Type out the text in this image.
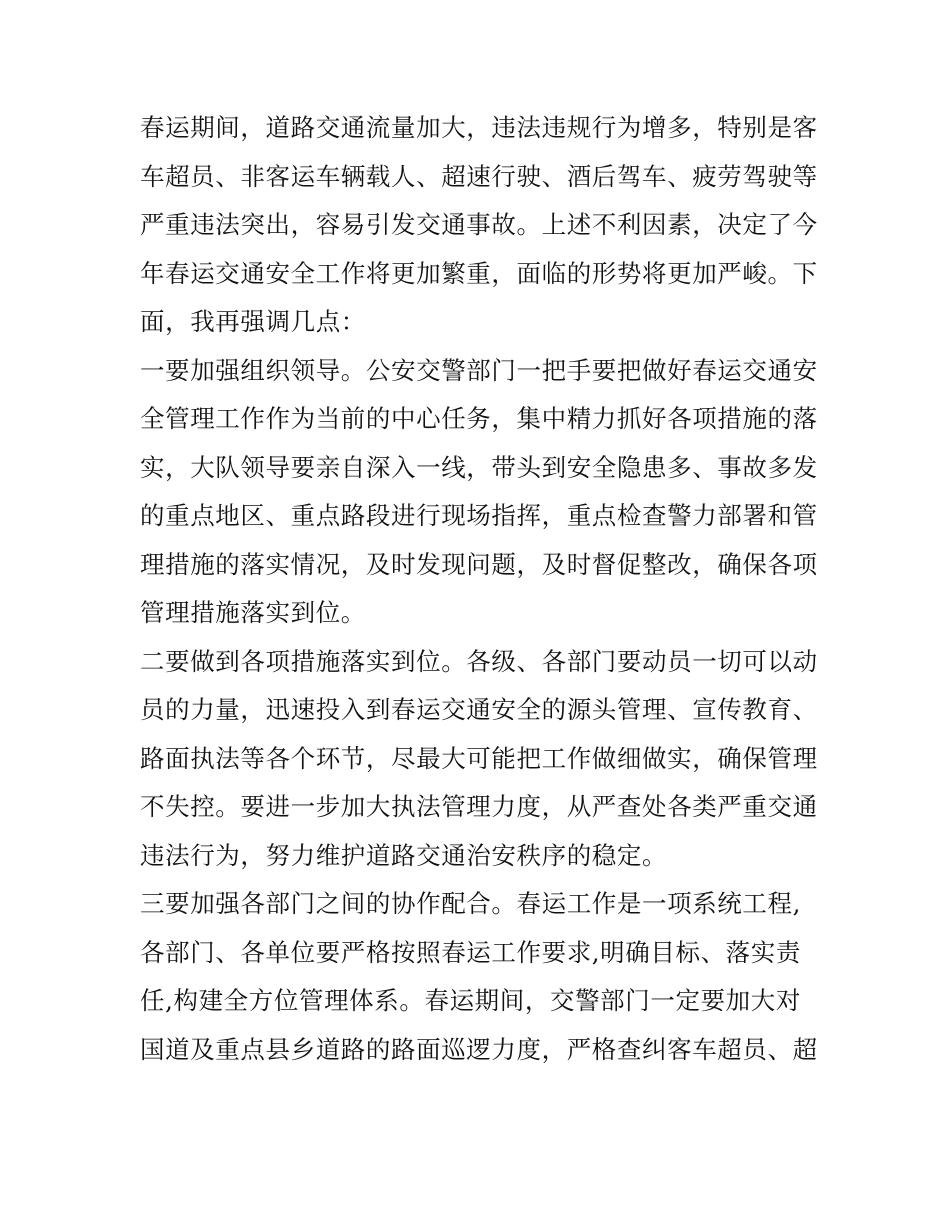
春运期间，道路交通流量加大，违法违规行为增多，特别是客
车超员、非客运车辆载人、超速行驶、酒后驾车、疲劳驾驶等
严重违法突出，容易引发交通事故。上述不利因素，决定了今
年春运交通安全工作将更加繁重，面临的形势将更加严峻。下
面，我再强调几点：
一要加强组织领导。公安交警部门一把手要把做好春运交通安
全管理工作作为当前的中心任务，集中精力抓好各项措施的落
实，大队领导要亲自深入一线，带头到安全隐患多、事故多发
的重点地区、重点路段进行现场指挥，重点检查警力部署和管
理措施的落实情况，及时发现问题，及时督促整改，确保各项
管理措施落实到位。
二要做到各项措施落实到位。各级、各部门要动员一切可以动
员的力量，迅速投入到春运交通安全的源头管理、宣传教育、
路面执法等各个环节，尽最大可能把工作做细做实，确保管理
不失控。要进一步加大执法管理力度，从严查处各类严重交通
违法行为，努力维护道路交通治安秩序的稳定。
三要加强各部门之间的协作配合。春运工作是一项系统工程,
各部门、各单位要严格按照春运工作要求,明确目标、落实责
任,构建全方位管理体系。春运期间，交警部门一定要加大对
国道及重点县乡道路的路面巡逻力度，严格查纠客车超员、超
